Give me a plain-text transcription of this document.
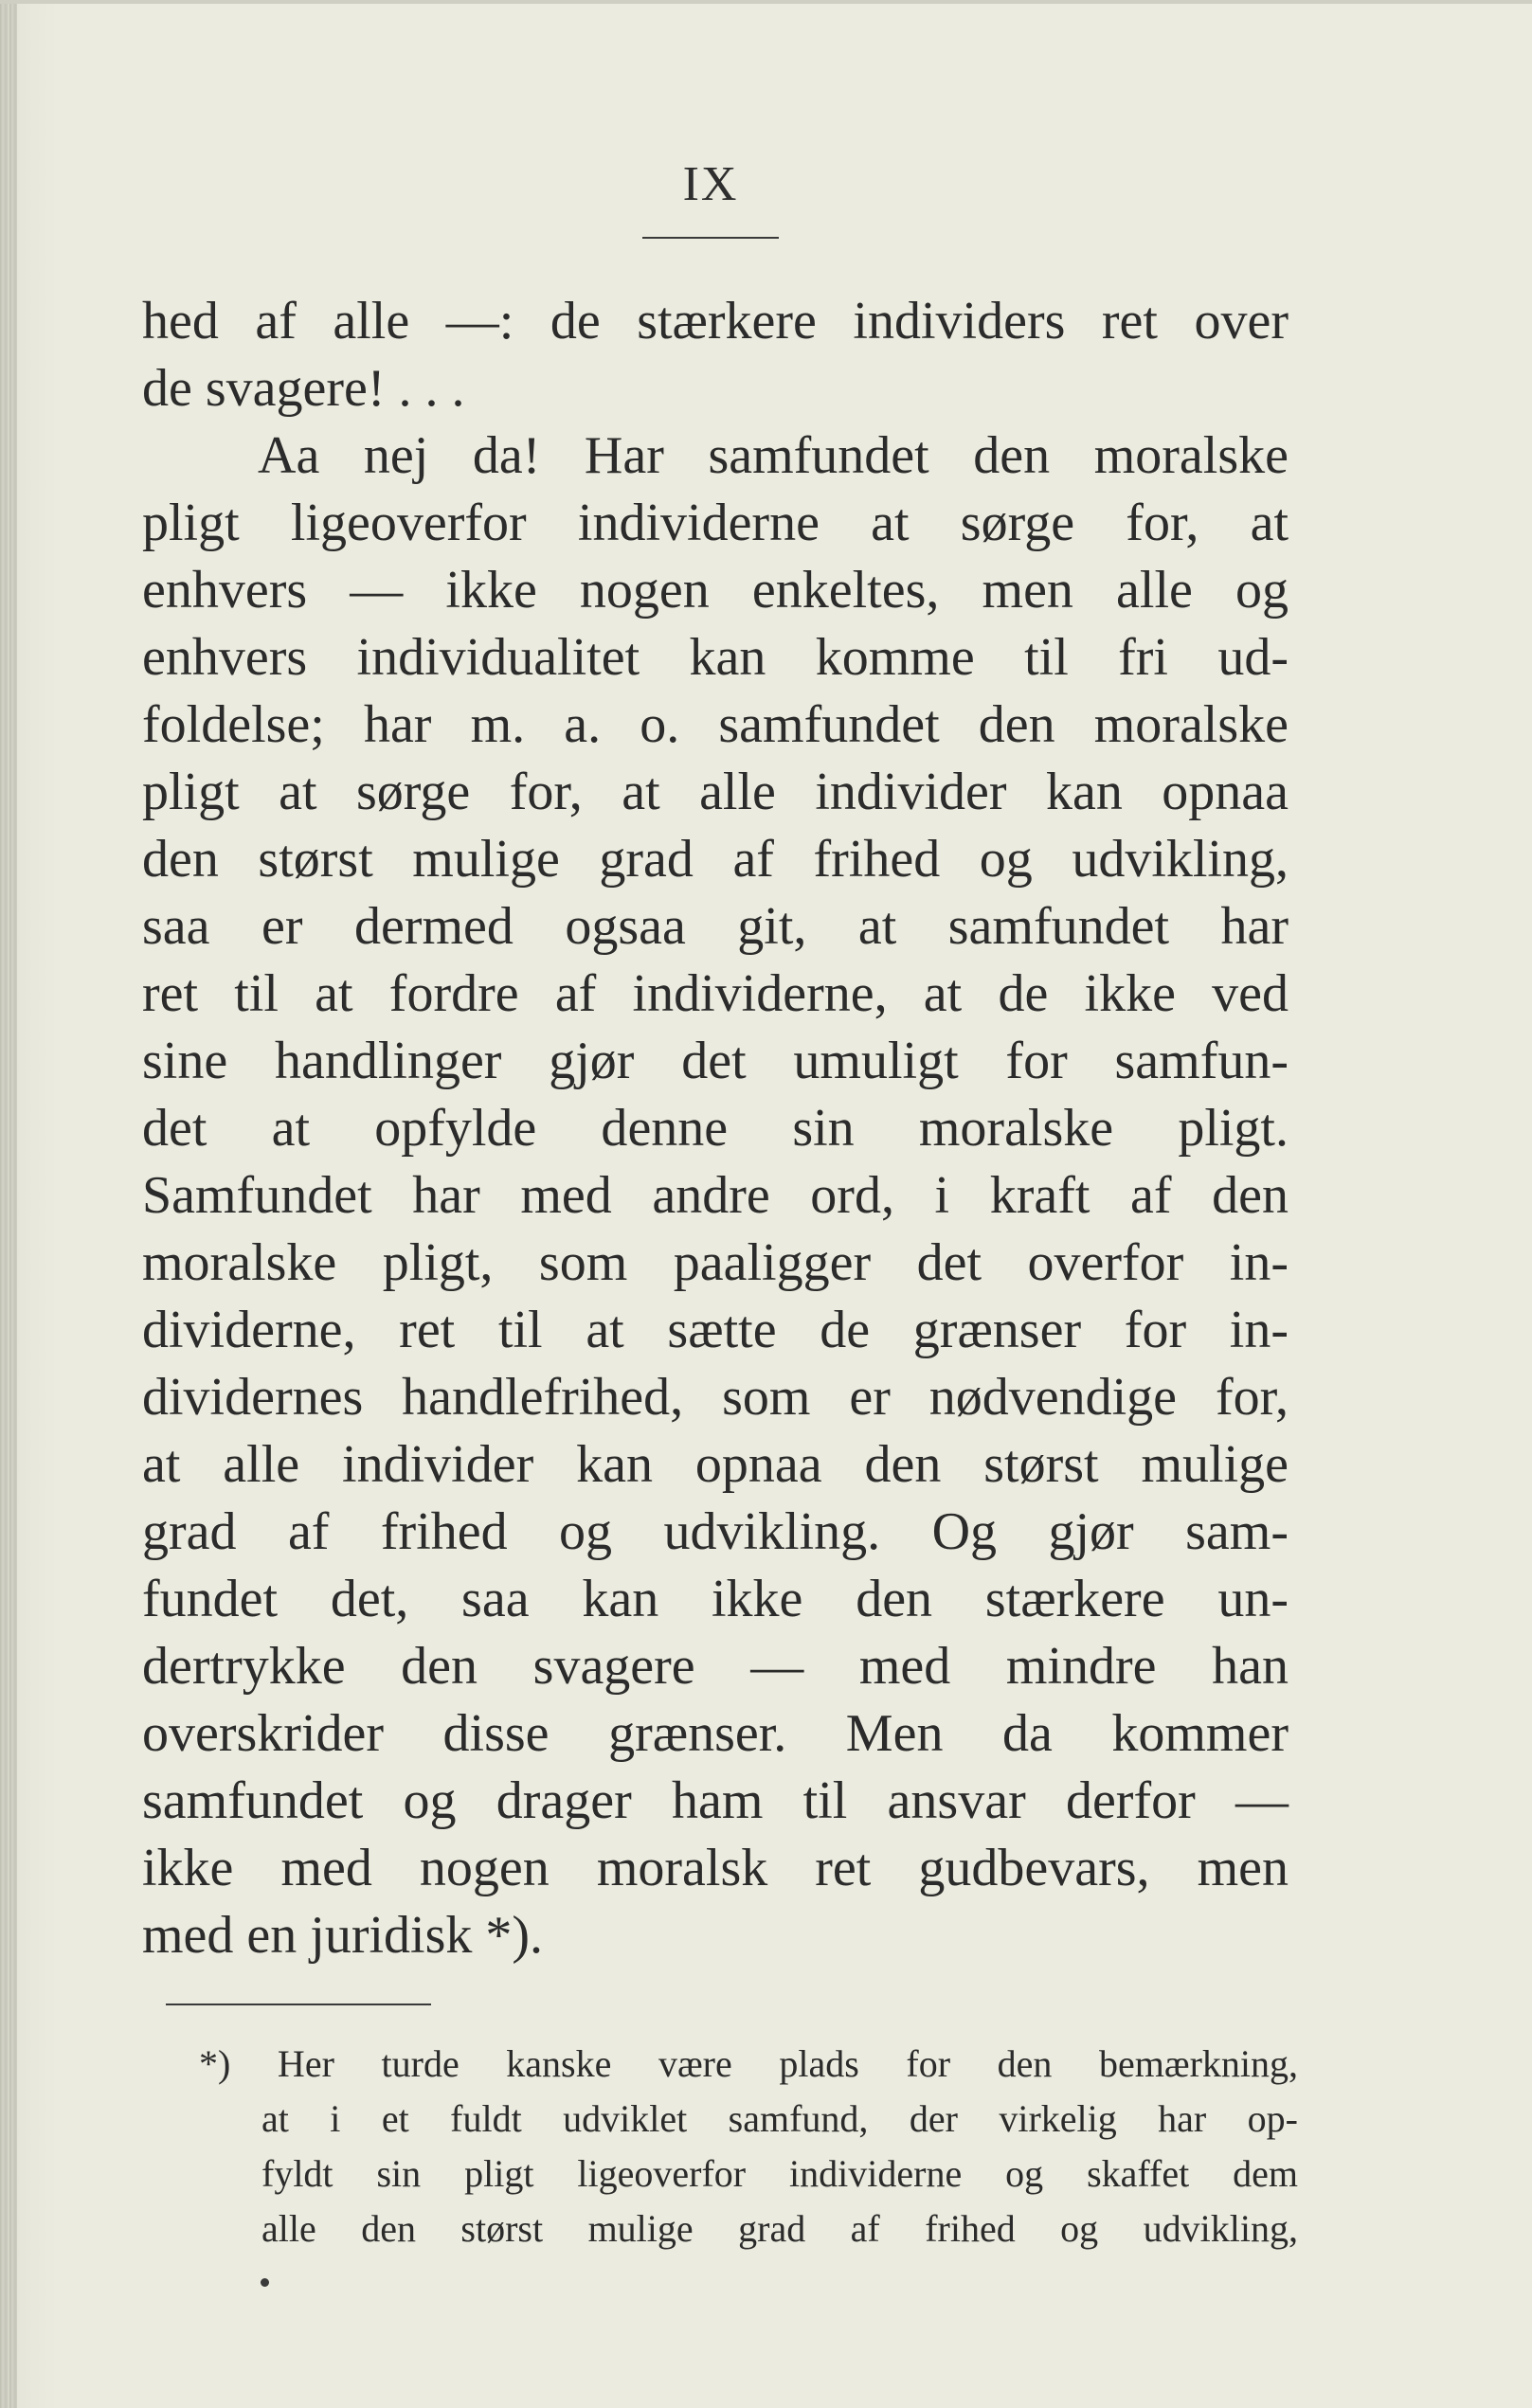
IX
hed af alle —: de stærkere individers ret over
de svagere! . . .
Aa nej da! Har samfundet den moralske
pligt ligeoverfor individerne at sørge for, at
enhvers — ikke nogen enkeltes, men alle og
enhvers individualitet kan komme til fri ud-
foldelse; har m. a. o. samfundet den moralske
pligt at sørge for, at alle individer kan opnaa
den størst mulige grad af frihed og udvikling,
saa er dermed ogsaa git, at samfundet har
ret til at fordre af individerne, at de ikke ved
sine handlinger gjør det umuligt for samfun-
det at opfylde denne sin moralske pligt.
Samfundet har med andre ord, i kraft af den
moralske pligt, som paaligger det overfor in-
dividerne, ret til at sætte de grænser for in-
dividernes handlefrihed, som er nødvendige for,
at alle individer kan opnaa den størst mulige
grad af frihed og udvikling. Og gjør sam-
fundet det, saa kan ikke den stærkere un-
dertrykke den svagere — med mindre han
overskrider disse grænser. Men da kommer
samfundet og drager ham til ansvar derfor —
ikke med nogen moralsk ret gudbevars, men
med en juridisk *).
*) Her turde kanske være plads for den bemærkning,
at i et fuldt udviklet samfund, der virkelig har op-
fyldt sin pligt ligeoverfor individerne og skaffet dem
alle den størst mulige grad af frihed og udvikling,
